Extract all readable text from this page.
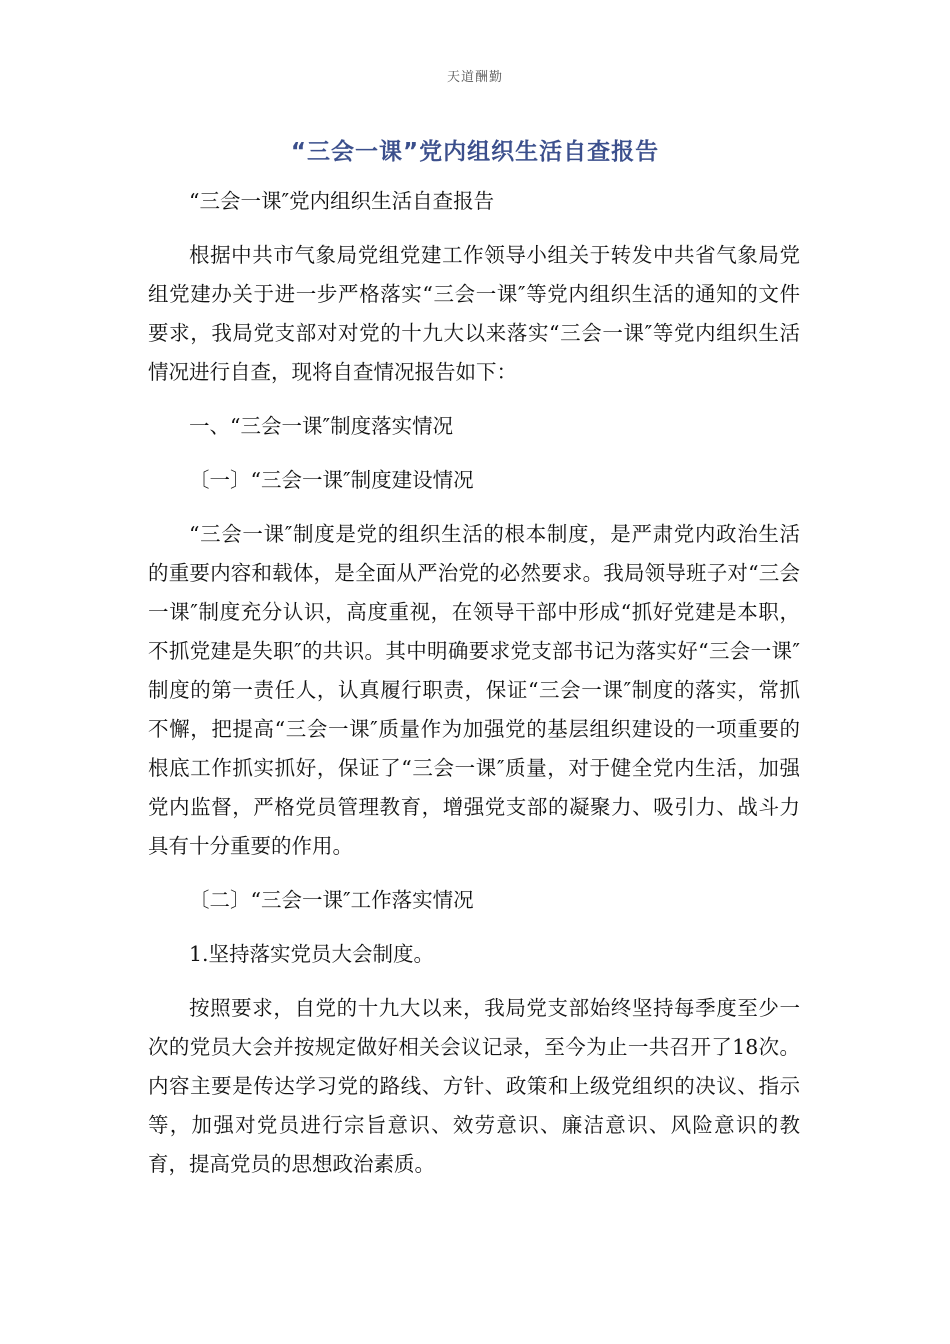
天道酬勤
“三会一课”党内组织生活自查报告

“三会一课″党内组织生活自查报告

根据中共市气象局党组党建工作领导小组关于转发中共省气象局党组党建办关于进一步严格落实“三会一课″等党内组织生活的通知的文件要求，我局党支部对对党的十九大以来落实“三会一课″等党内组织生活情况进行自查，现将自查情况报告如下：

一、“三会一课″制度落实情况

〔一〕“三会一课″制度建设情况

“三会一课″制度是党的组织生活的根本制度，是严肃党内政治生活的重要内容和载体，是全面从严治党的必然要求。我局领导班子对“三会一课″制度充分认识，高度重视，在领导干部中形成“抓好党建是本职，不抓党建是失职″的共识。其中明确要求党支部书记为落实好“三会一课″制度的第一责任人，认真履行职责，保证“三会一课″制度的落实，常抓不懈，把提高“三会一课″质量作为加强党的基层组织建设的一项重要的根底工作抓实抓好，保证了“三会一课″质量，对于健全党内生活，加强党内监督，严格党员管理教育，增强党支部的凝聚力、吸引力、战斗力具有十分重要的作用。

〔二〕“三会一课″工作落实情况

1.坚持落实党员大会制度。

按照要求，自党的十九大以来，我局党支部始终坚持每季度至少一次的党员大会并按规定做好相关会议记录，至今为止一共召开了18次。内容主要是传达学习党的路线、方针、政策和上级党组织的决议、指示等，加强对党员进行宗旨意识、效劳意识、廉洁意识、风险意识的教育，提高党员的思想政治素质。
